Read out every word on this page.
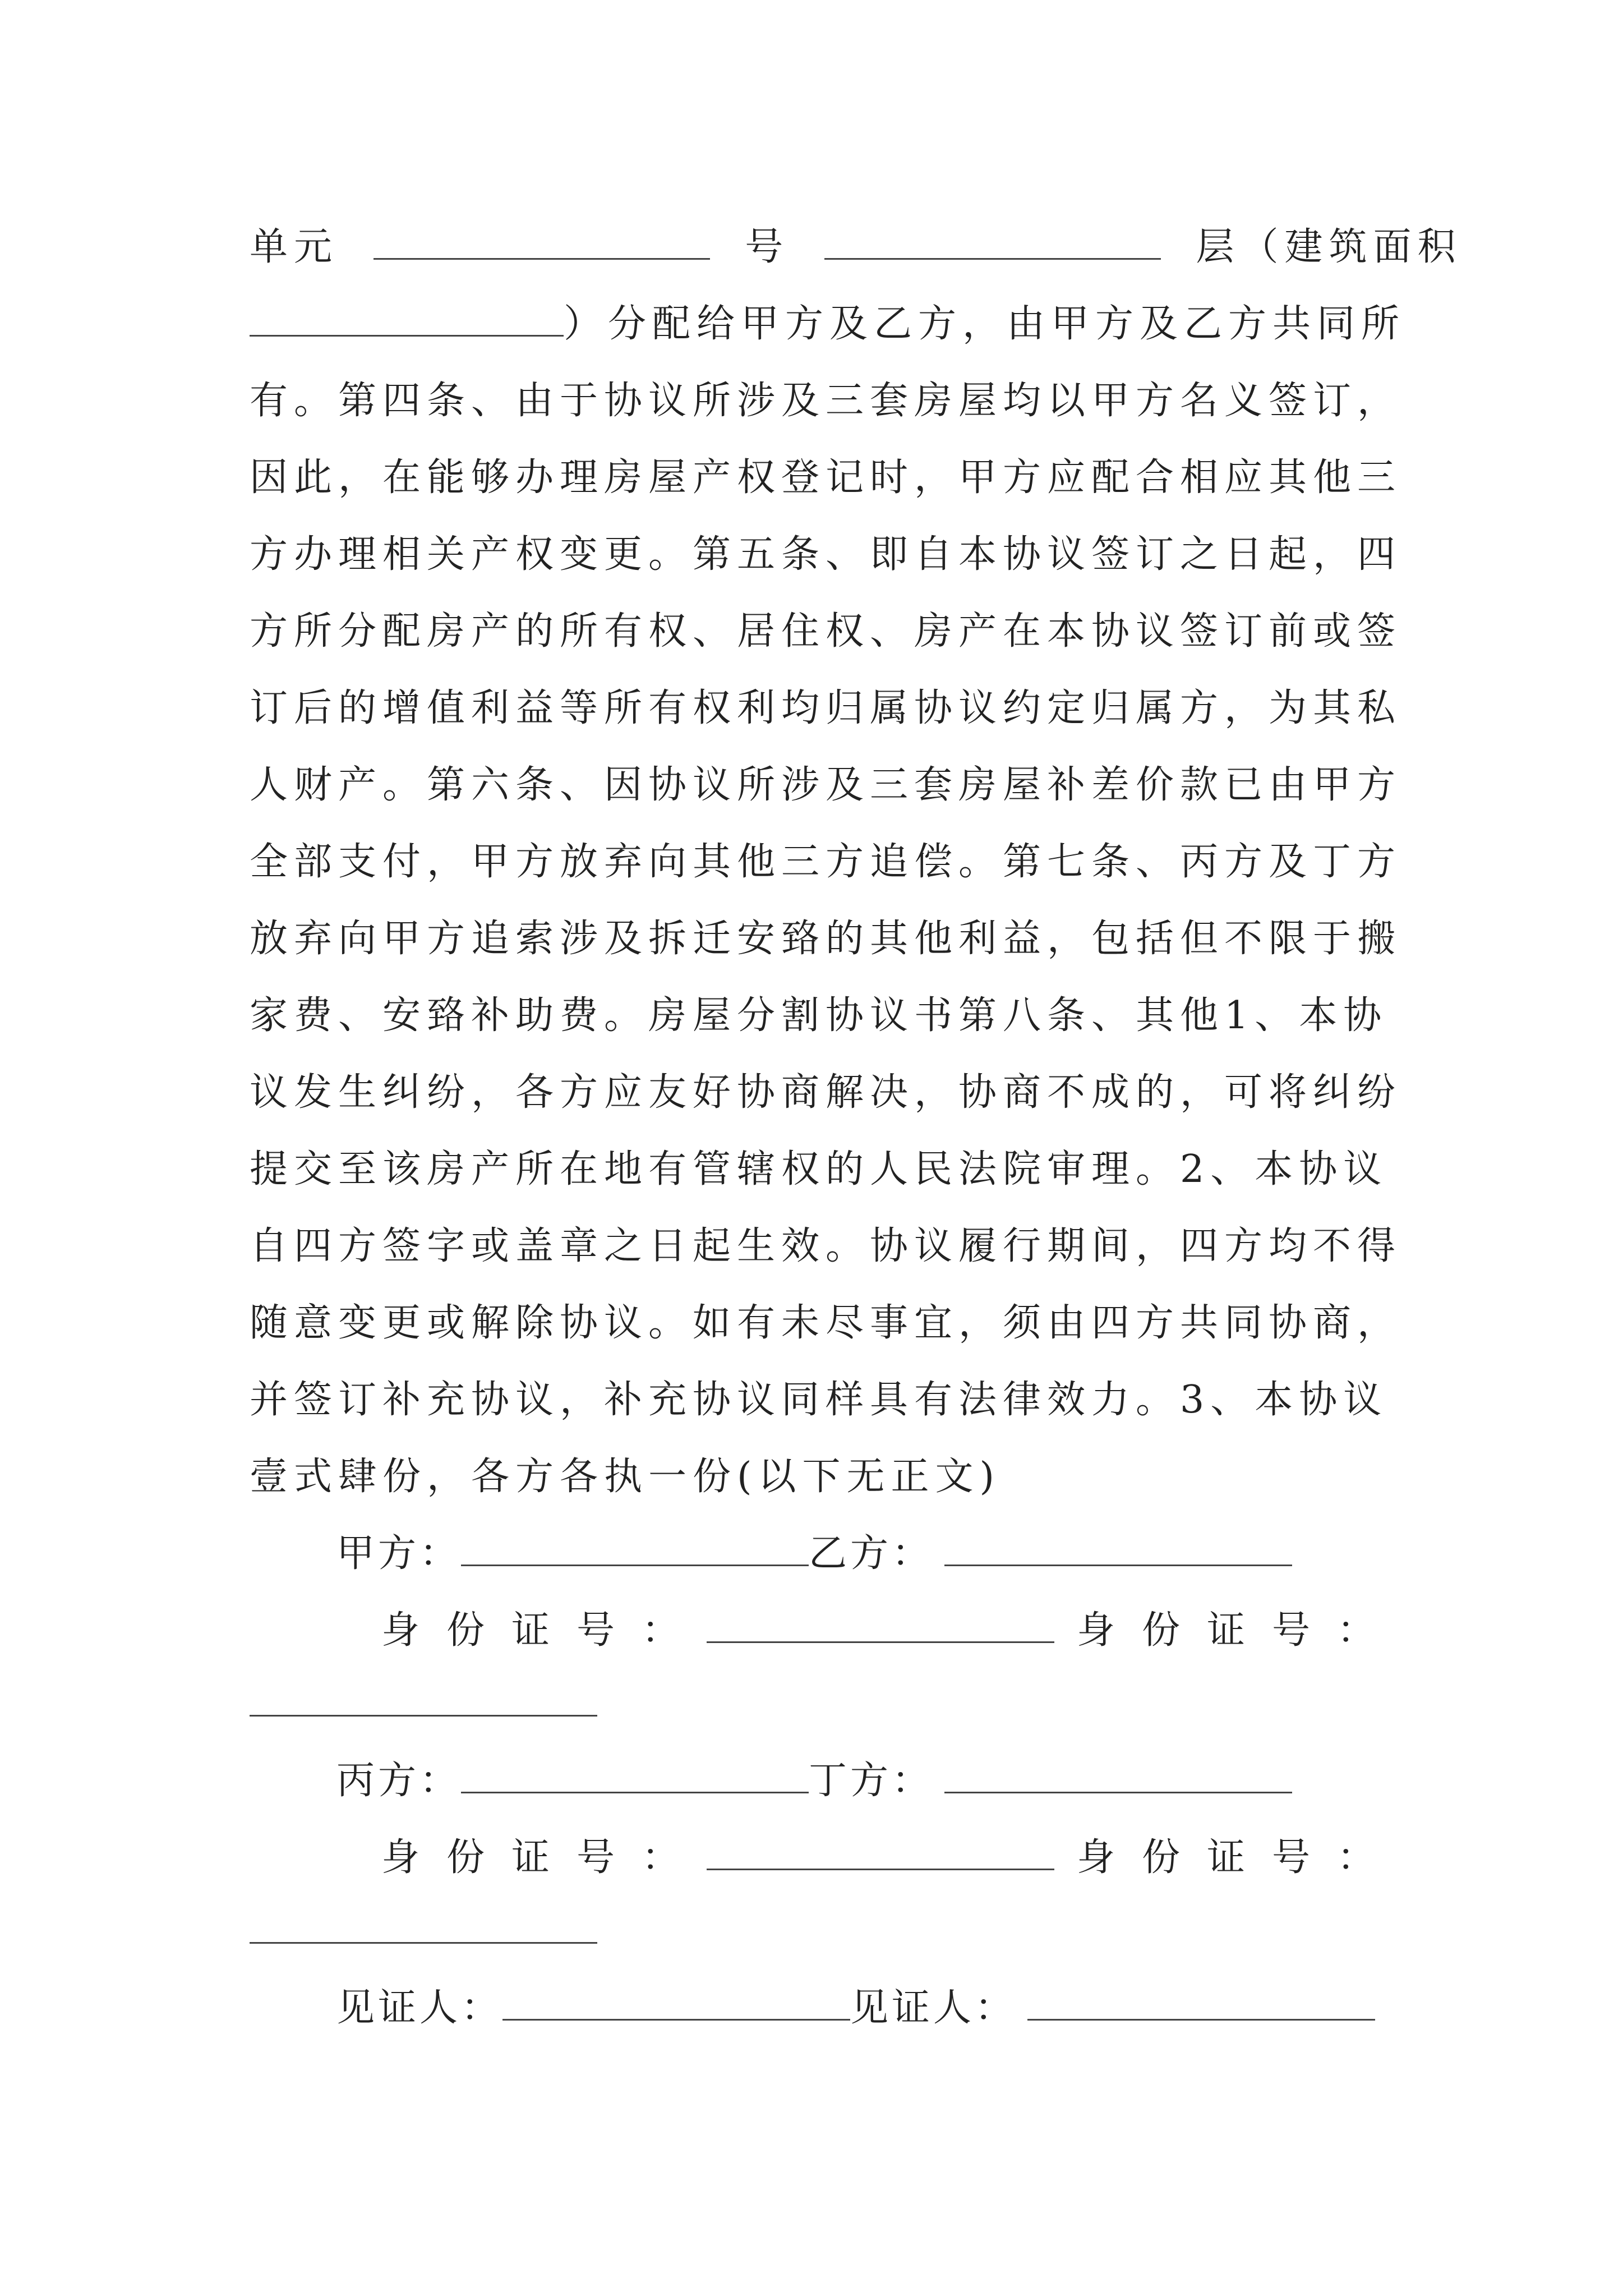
单元	号	层（建筑面积
）分配给甲方及乙方，由甲方及乙方共同所
有。第四条、由于协议所涉及三套房屋均以甲方名义签订，
因此，在能够办理房屋产权登记时，甲方应配合相应其他三
方办理相关产权变更。第五条、即自本协议签订之日起，四
方所分配房产的所有权、居住权、房产在本协议签订前或签
订后的增值利益等所有权利均归属协议约定归属方，为其私
人财产。第六条、因协议所涉及三套房屋补差价款已由甲方
全部支付，甲方放弃向其他三方追偿。第七条、丙方及丁方
放弃向甲方追索涉及拆迁安臵的其他利益，包括但不限于搬
家费、安臵补助费。房屋分割协议书第八条、其他1、本协
议发生纠纷，各方应友好协商解决，协商不成的，可将纠纷
提交至该房产所在地有管辖权的人民法院审理。2、本协议
自四方签字或盖章之日起生效。协议履行期间，四方均不得
随意变更或解除协议。如有未尽事宜，须由四方共同协商，
并签订补充协议，补充协议同样具有法律效力。3、本协议
壹式肆份，各方各执一份(以下无正文)
甲方：	乙方：
身份证号：	身份证号：
丙方：	丁方：
身份证号：	身份证号：
见证人：	见证人：
